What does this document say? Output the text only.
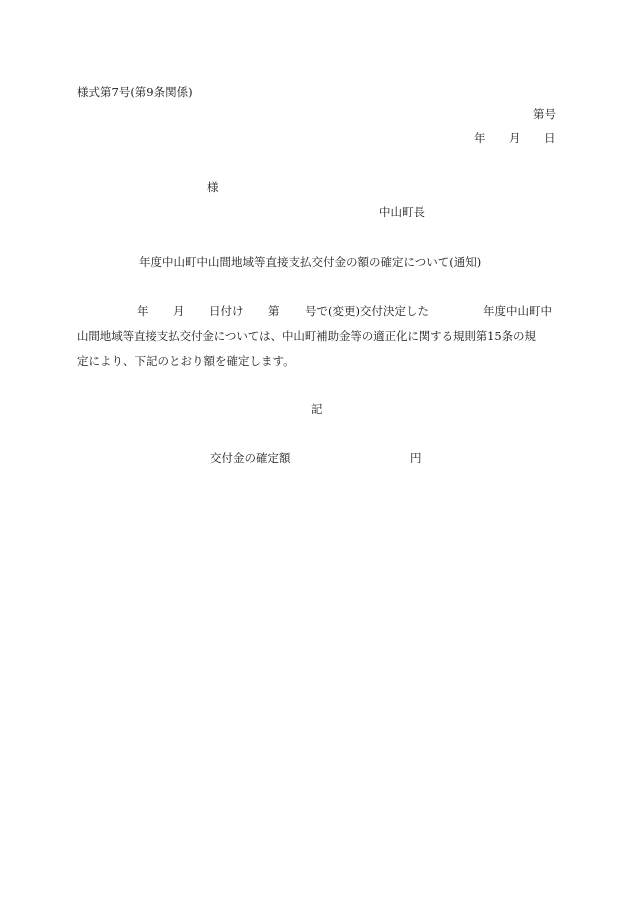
様式第7号(第9条関係)
第号
年 月 日
様
中山町長
年度中山町中山間地域等直接支払交付金の額の確定について(通知)
年 月 日付け 第 号で(変更)交付決定した	年度中山町中
山間地域等直接支払交付金については、中山町補助金等の適正化に関する規則第15条の規
定により、下記のとおり額を確定します。
記
交付金の確定額	円
